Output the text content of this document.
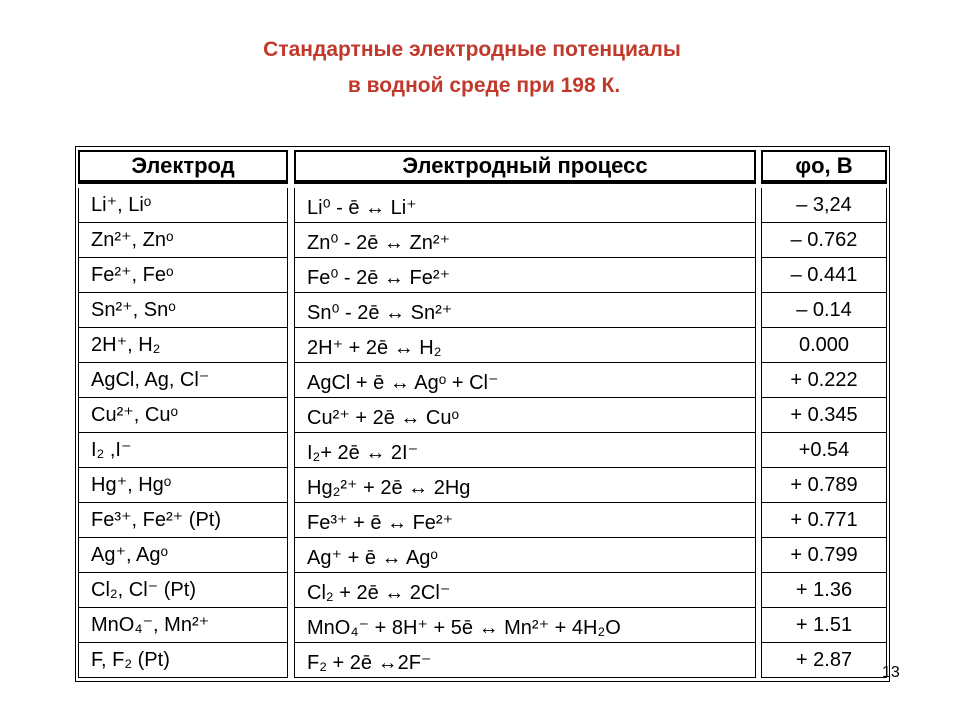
Стандартные электродные потенциалы
в водной среде при 198 К.
Электрод
Li⁺, Liᵒ
Zn²⁺, Znᵒ
Fe²⁺, Feᵒ
Sn²⁺, Snᵒ
2H⁺, H₂
AgCl, Ag, Cl⁻
Cu²⁺, Cuᵒ
I₂ ,I⁻
Hg⁺, Hgᵒ
Fe³⁺, Fe²⁺ (Pt)
Ag⁺, Agᵒ
Cl₂, Cl⁻ (Pt)
MnO₄⁻, Mn²⁺
F, F₂ (Pt)
Электродный процесс
Li⁰ - ē ↔ Li⁺
Zn⁰ - 2ē ↔ Zn²⁺
Fe⁰ - 2ē ↔ Fe²⁺
Sn⁰ - 2ē ↔ Sn²⁺
2H⁺ + 2ē ↔ H₂
AgCl + ē ↔ Agᵒ + Cl⁻
Cu²⁺ + 2ē ↔ Cuᵒ
I₂+ 2ē ↔ 2I⁻
Hg₂²⁺ + 2ē ↔ 2Hg
Fe³⁺ + ē ↔ Fe²⁺
Ag⁺ + ē ↔ Agᵒ
Cl₂ + 2ē ↔ 2Cl⁻
MnO₄⁻ + 8H⁺ + 5ē ↔ Mn²⁺ + 4H₂O
F₂ + 2ē ↔2F⁻
φo, В
– 3,24
– 0.762
– 0.441
– 0.14
0.000
+ 0.222
+ 0.345
+0.54
+ 0.789
+ 0.771
+ 0.799
+ 1.36
+ 1.51
+ 2.87
13
